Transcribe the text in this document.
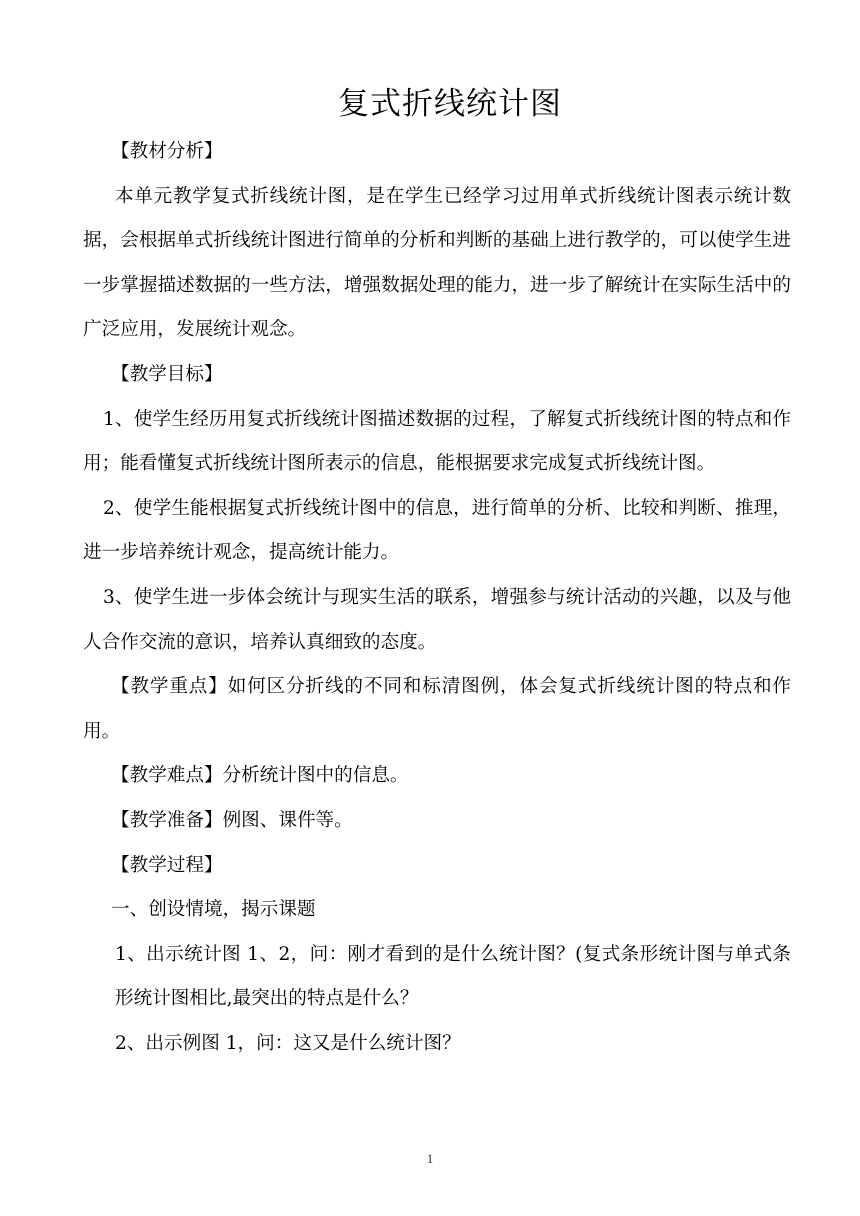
复式折线统计图

【教材分析】

本单元教学复式折线统计图，是在学生已经学习过用单式折线统计图表示统计数据，会根据单式折线统计图进行简单的分析和判断的基础上进行教学的，可以使学生进一步掌握描述数据的一些方法，增强数据处理的能力，进一步了解统计在实际生活中的广泛应用，发展统计观念。

【教学目标】

1、使学生经历用复式折线统计图描述数据的过程，了解复式折线统计图的特点和作用；能看懂复式折线统计图所表示的信息，能根据要求完成复式折线统计图。

2、使学生能根据复式折线统计图中的信息，进行简单的分析、比较和判断、推理，进一步培养统计观念，提高统计能力。

3、使学生进一步体会统计与现实生活的联系，增强参与统计活动的兴趣，以及与他人合作交流的意识，培养认真细致的态度。

【教学重点】如何区分折线的不同和标清图例，体会复式折线统计图的特点和作用。

【教学难点】分析统计图中的信息。

【教学准备】例图、课件等。

【教学过程】

一、创设情境，揭示课题

1、出示统计图 1、2，问：刚才看到的是什么统计图？(复式条形统计图与单式条形统计图相比,最突出的特点是什么？

2、出示例图 1，问：这又是什么统计图？

1
